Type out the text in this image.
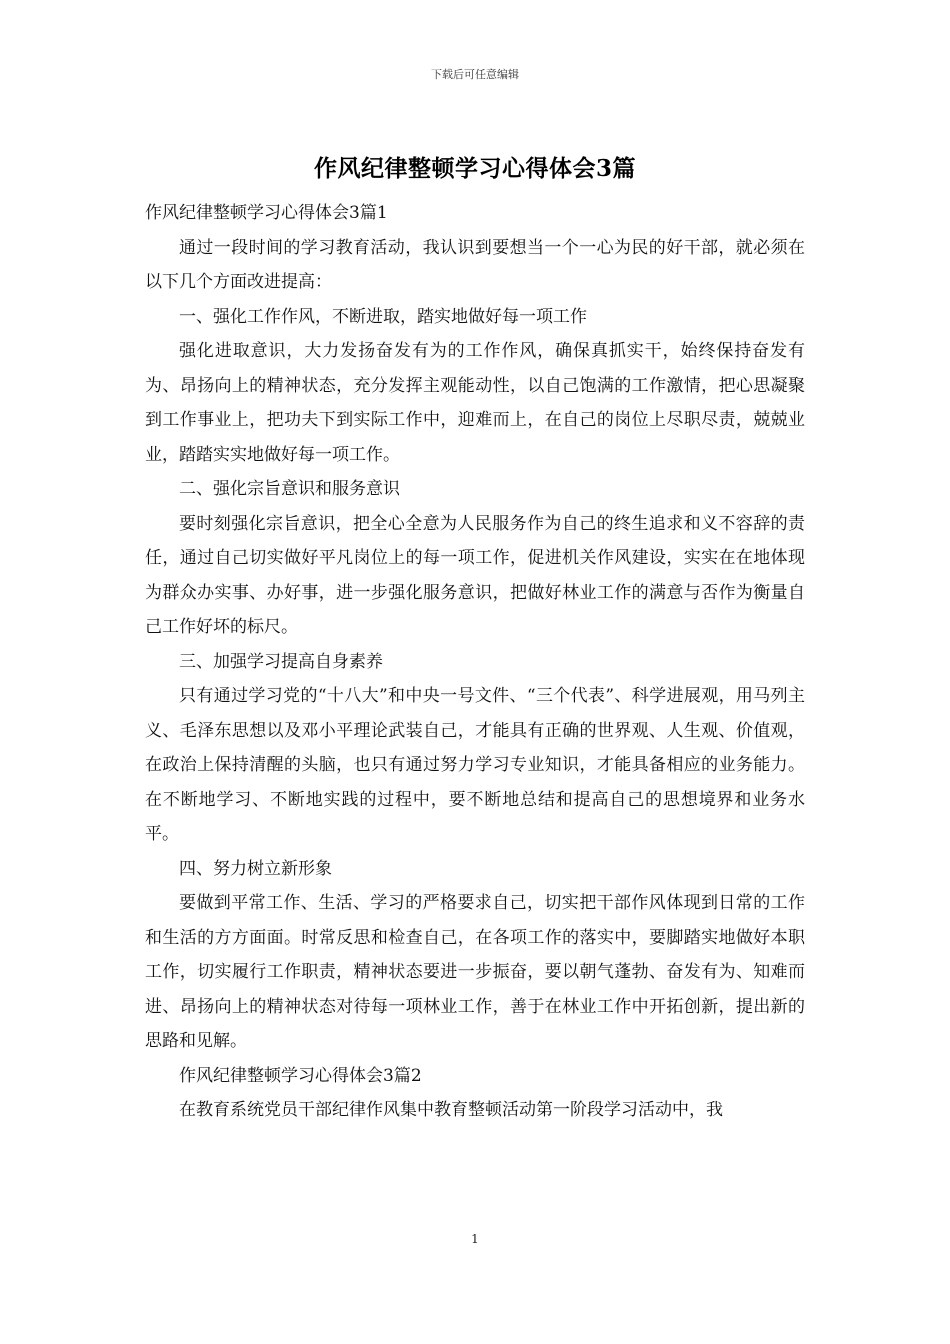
下载后可任意编辑
作风纪律整顿学习心得体会3篇

作风纪律整顿学习心得体会3篇1

通过一段时间的学习教育活动，我认识到要想当一个一心为民的好干部，就必须在以下几个方面改进提高：

一、强化工作作风，不断进取，踏实地做好每一项工作

强化进取意识，大力发扬奋发有为的工作作风，确保真抓实干，始终保持奋发有为、昂扬向上的精神状态，充分发挥主观能动性，以自己饱满的工作激情，把心思凝聚到工作事业上，把功夫下到实际工作中，迎难而上，在自己的岗位上尽职尽责，兢兢业业，踏踏实实地做好每一项工作。

二、强化宗旨意识和服务意识

要时刻强化宗旨意识，把全心全意为人民服务作为自己的终生追求和义不容辞的责任，通过自己切实做好平凡岗位上的每一项工作，促进机关作风建设，实实在在地体现为群众办实事、办好事，进一步强化服务意识，把做好林业工作的满意与否作为衡量自己工作好坏的标尺。

三、加强学习提高自身素养

只有通过学习党的“十八大”和中央一号文件、“三个代表”、科学进展观，用马列主义、毛泽东思想以及邓小平理论武装自己，才能具有正确的世界观、人生观、价值观，在政治上保持清醒的头脑，也只有通过努力学习专业知识，才能具备相应的业务能力。在不断地学习、不断地实践的过程中，要不断地总结和提高自己的思想境界和业务水平。

四、努力树立新形象

要做到平常工作、生活、学习的严格要求自己，切实把干部作风体现到日常的工作和生活的方方面面。时常反思和检查自己，在各项工作的落实中，要脚踏实地做好本职工作，切实履行工作职责，精神状态要进一步振奋，要以朝气蓬勃、奋发有为、知难而进、昂扬向上的精神状态对待每一项林业工作，善于在林业工作中开拓创新，提出新的思路和见解。

作风纪律整顿学习心得体会3篇2

在教育系统党员干部纪律作风集中教育整顿活动第一阶段学习活动中，我

1
